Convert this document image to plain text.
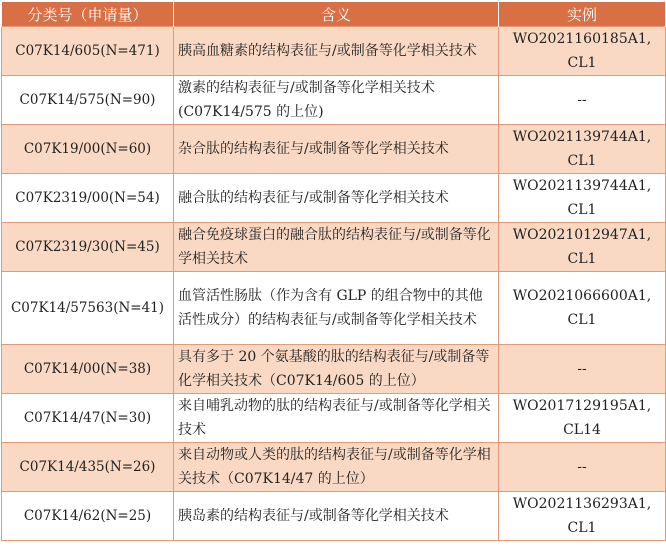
分类号（申请量）	含义	实例
C07K14/605(N=471)	胰高血糖素的结构表征与/或制备等化学相关技术	WO2021160185A1, CL1
C07K14/575(N=90)	激素的结构表征与/或制备等化学相关技术 (C07K14/575 的上位)	--
C07K19/00(N=60)	杂合肽的结构表征与/或制备等化学相关技术	WO2021139744A1, CL1
C07K2319/00(N=54)	融合肽的结构表征与/或制备等化学相关技术	WO2021139744A1, CL1
C07K2319/30(N=45)	融合免疫球蛋白的融合肽的结构表征与/或制备等化学相关技术	WO2021012947A1, CL1
C07K14/57563(N=41)	血管活性肠肽（作为含有 GLP 的组合物中的其他活性成分）的结构表征与/或制备等化学相关技术	WO2021066600A1, CL1
C07K14/00(N=38)	具有多于 20 个氨基酸的肽的结构表征与/或制备等化学相关技术（C07K14/605 的上位）	--
C07K14/47(N=30)	来自哺乳动物的肽的结构表征与/或制备等化学相关技术	WO2017129195A1, CL14
C07K14/435(N=26)	来自动物或人类的肽的结构表征与/或制备等化学相关技术（C07K14/47 的上位）	--
C07K14/62(N=25)	胰岛素的结构表征与/或制备等化学相关技术	WO2021136293A1, CL1
